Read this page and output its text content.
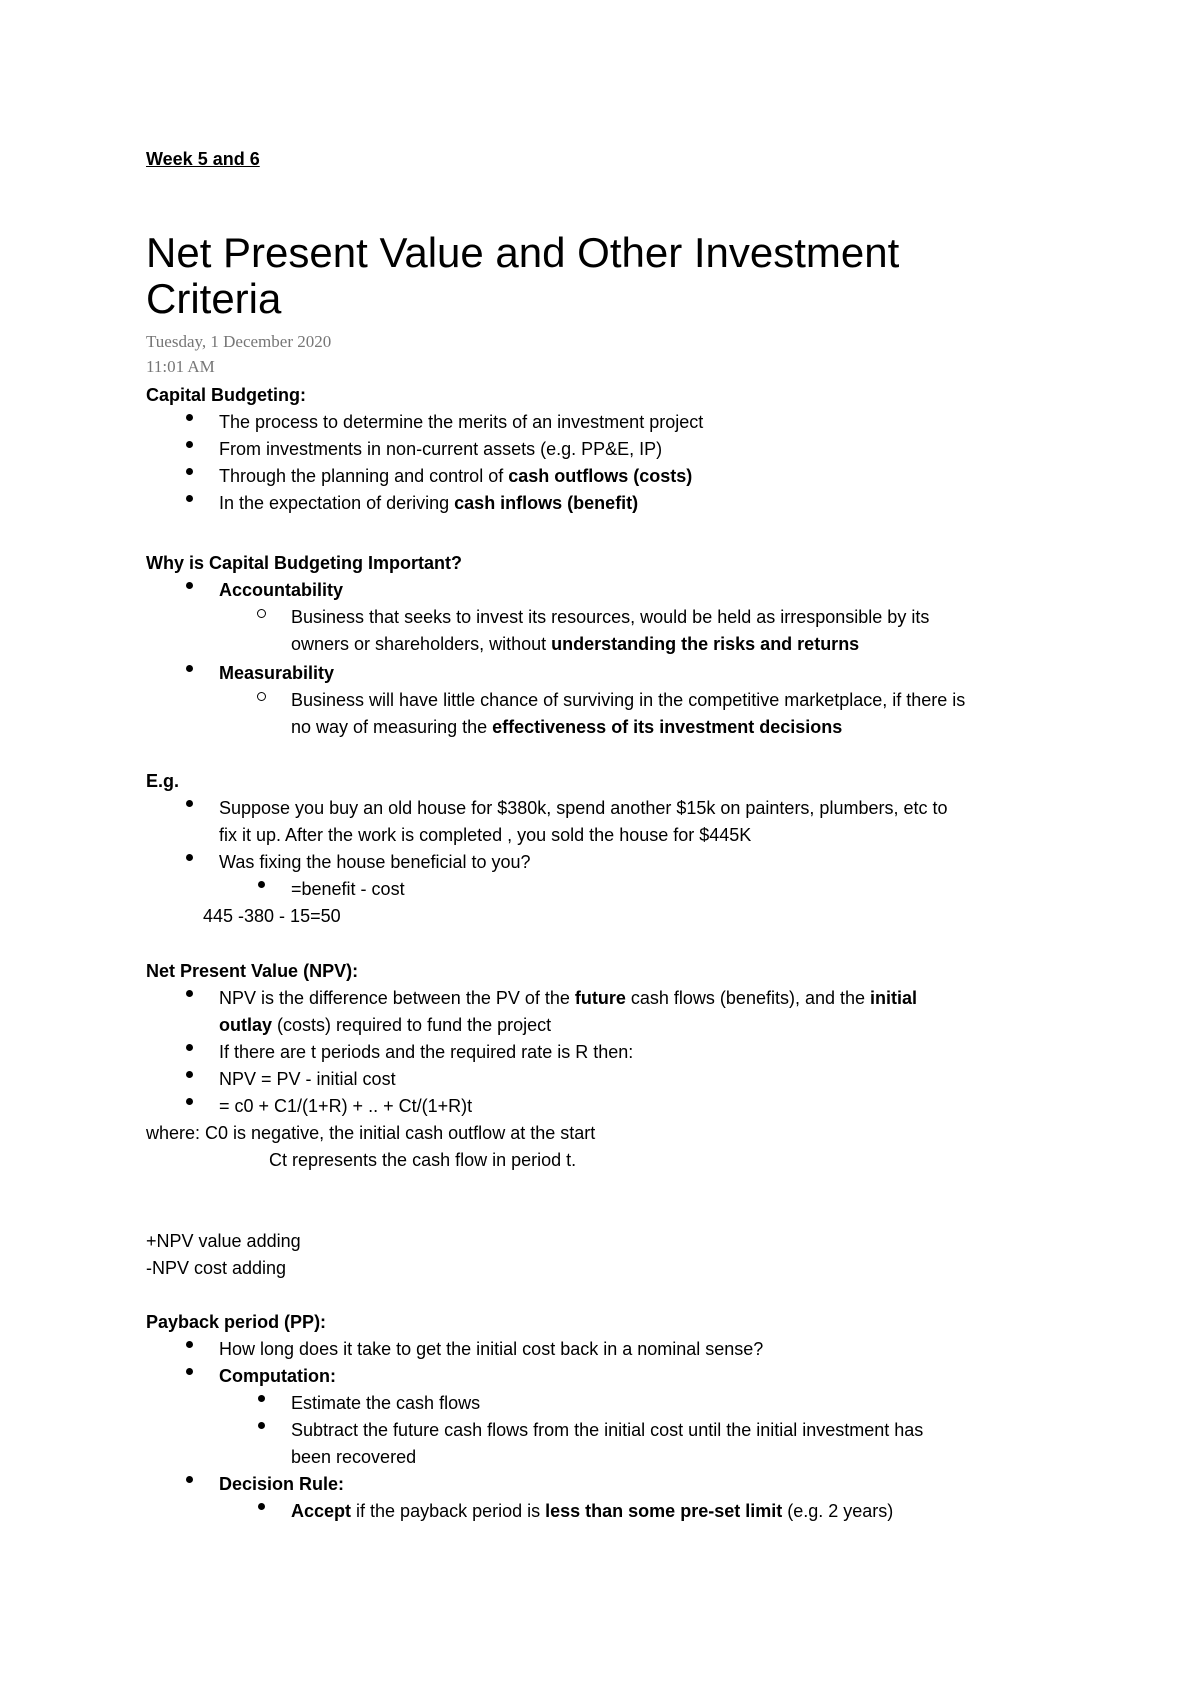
Week 5 and 6
Net Present Value and Other Investment
Criteria
Tuesday, 1 December 2020
11:01 AM
Capital Budgeting:
The process to determine the merits of an investment project
From investments in non-current assets (e.g. PP&E, IP)
Through the planning and control of cash outflows (costs)
In the expectation of deriving cash inflows (benefit)
Why is Capital Budgeting Important?
Accountability
Business that seeks to invest its resources, would be held as irresponsible by its
owners or shareholders, without understanding the risks and returns
Measurability
Business will have little chance of surviving in the competitive marketplace, if there is
no way of measuring the effectiveness of its investment decisions
E.g.
Suppose you buy an old house for $380k, spend another $15k on painters, plumbers, etc to
fix it up. After the work is completed , you sold the house for $445K
Was fixing the house beneficial to you?
=benefit - cost
445 -380 - 15=50
Net Present Value (NPV):
NPV is the difference between the PV of the future cash flows (benefits), and the initial
outlay (costs) required to fund the project
If there are t periods and the required rate is R then:
NPV = PV - initial cost
= c0 + C1/(1+R) + .. + Ct/(1+R)t
where: C0 is negative, the initial cash outflow at the start
Ct represents the cash flow in period t.
+NPV value adding
-NPV cost adding
Payback period (PP):
How long does it take to get the initial cost back in a nominal sense?
Computation:
Estimate the cash flows
Subtract the future cash flows from the initial cost until the initial investment has
been recovered
Decision Rule:
Accept if the payback period is less than some pre-set limit (e.g. 2 years)
